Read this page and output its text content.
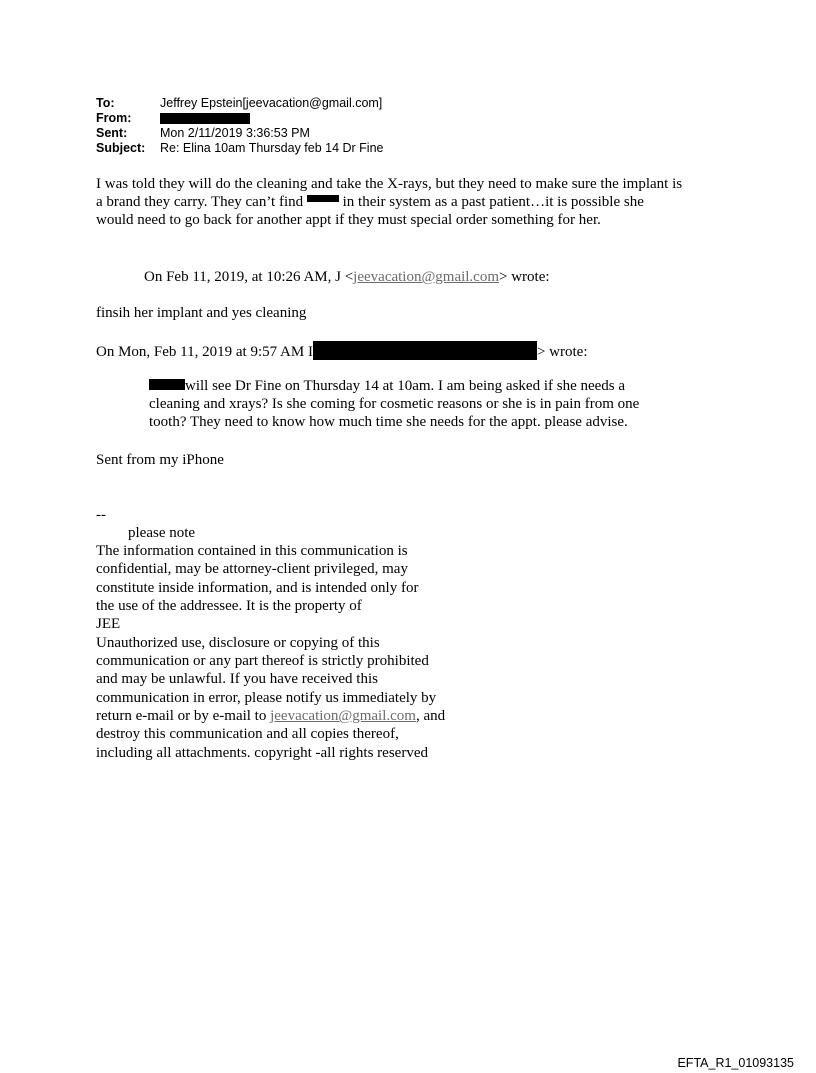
To:	Jeffrey Epstein[jeevacation@gmail.com]
From:
Sent:	Mon 2/11/2019 3:36:53 PM
Subject: Re: Elina 10am Thursday feb 14 Dr Fine
I was told they will do the cleaning and take the X-rays, but they need to make sure the implant is
a brand they carry. They can’t find  in their system as a past patient…it is possible she
would need to go back for another appt if they must special order something for her.
On Feb 11, 2019, at 10:26 AM, J <jeevacation@gmail.com> wrote:
finsih her implant and yes cleaning
On Mon, Feb 11, 2019 at 9:57 AM I	> wrote:
will see Dr Fine on Thursday 14 at 10am. I am being asked if she needs a
cleaning and xrays? Is she coming for cosmetic reasons or she is in pain from one
tooth? They need to know how much time she needs for the appt. please advise.
Sent from my iPhone
--
please note
The information contained in this communication is
confidential, may be attorney-client privileged, may
constitute inside information, and is intended only for
the use of the addressee. It is the property of
JEE
Unauthorized use, disclosure or copying of this
communication or any part thereof is strictly prohibited
and may be unlawful. If you have received this
communication in error, please notify us immediately by
return e-mail or by e-mail to jeevacation@gmail.com, and
destroy this communication and all copies thereof,
including all attachments. copyright -all rights reserved
EFTA_R1_01093135
